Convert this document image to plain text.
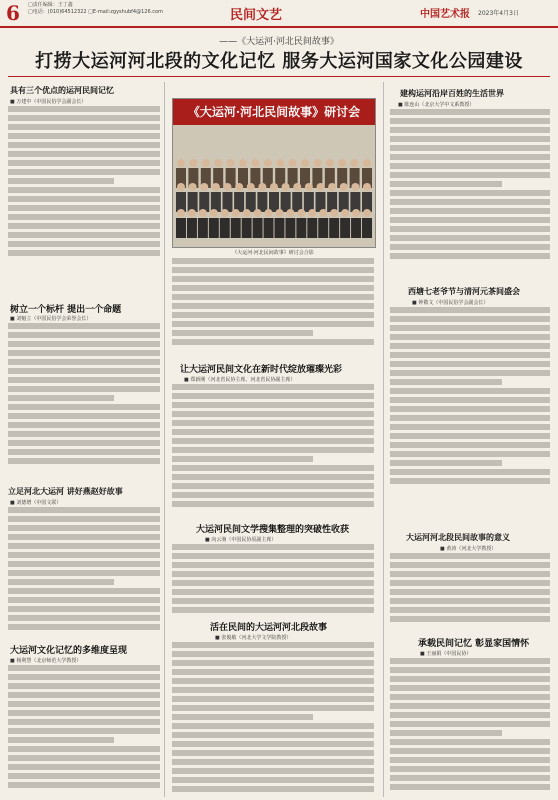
6 □责任编辑：王丁鑫
□电话：(010)64512322 □E-mail:zgyshubf4@126.com	民间文艺	中国艺术报 2023年4月3日
——《大运河·河北民间故事》
打捞大运河河北段的文化记忆 服务大运河国家文化公园建设
具有三个优点的运河民间记忆
■ 万建中（中国民俗学会副会长）
树立一个标杆 提出一个命题
■ 刘魁立（中国民俗学会荣誉会长）
立足河北大运河 讲好燕赵好故事
■ 刘德增（中国文联）
大运河文化记忆的多维度呈现
■ 杨利慧（北京师范大学教授）
《大运河·河北民间故事》研讨会
《大运河·河北民间故事》研讨会合影
让大运河民间文化在新时代绽放璀璨光彩
■ 郑新刚（河北省民协主席、河北省民协副主席）
大运河民间文学搜集整理的突破性收获
■ 向云驹（中国民协原副主席）
活在民间的大运河河北段故事
■ 张俊敏（河北大学文学院教授）
建构运河沿岸百姓的生活世界
■ 陈连山（北京大学中文系教授）
西塘七老爷节与清河元茶间盛会
■ 钟敬文（中国民俗学会副会长）
大运河河北段民间故事的意义
■ 黄涛（河北大学教授）
承载民间记忆 彰显家国情怀
■ 王丽娟（中国民协）
